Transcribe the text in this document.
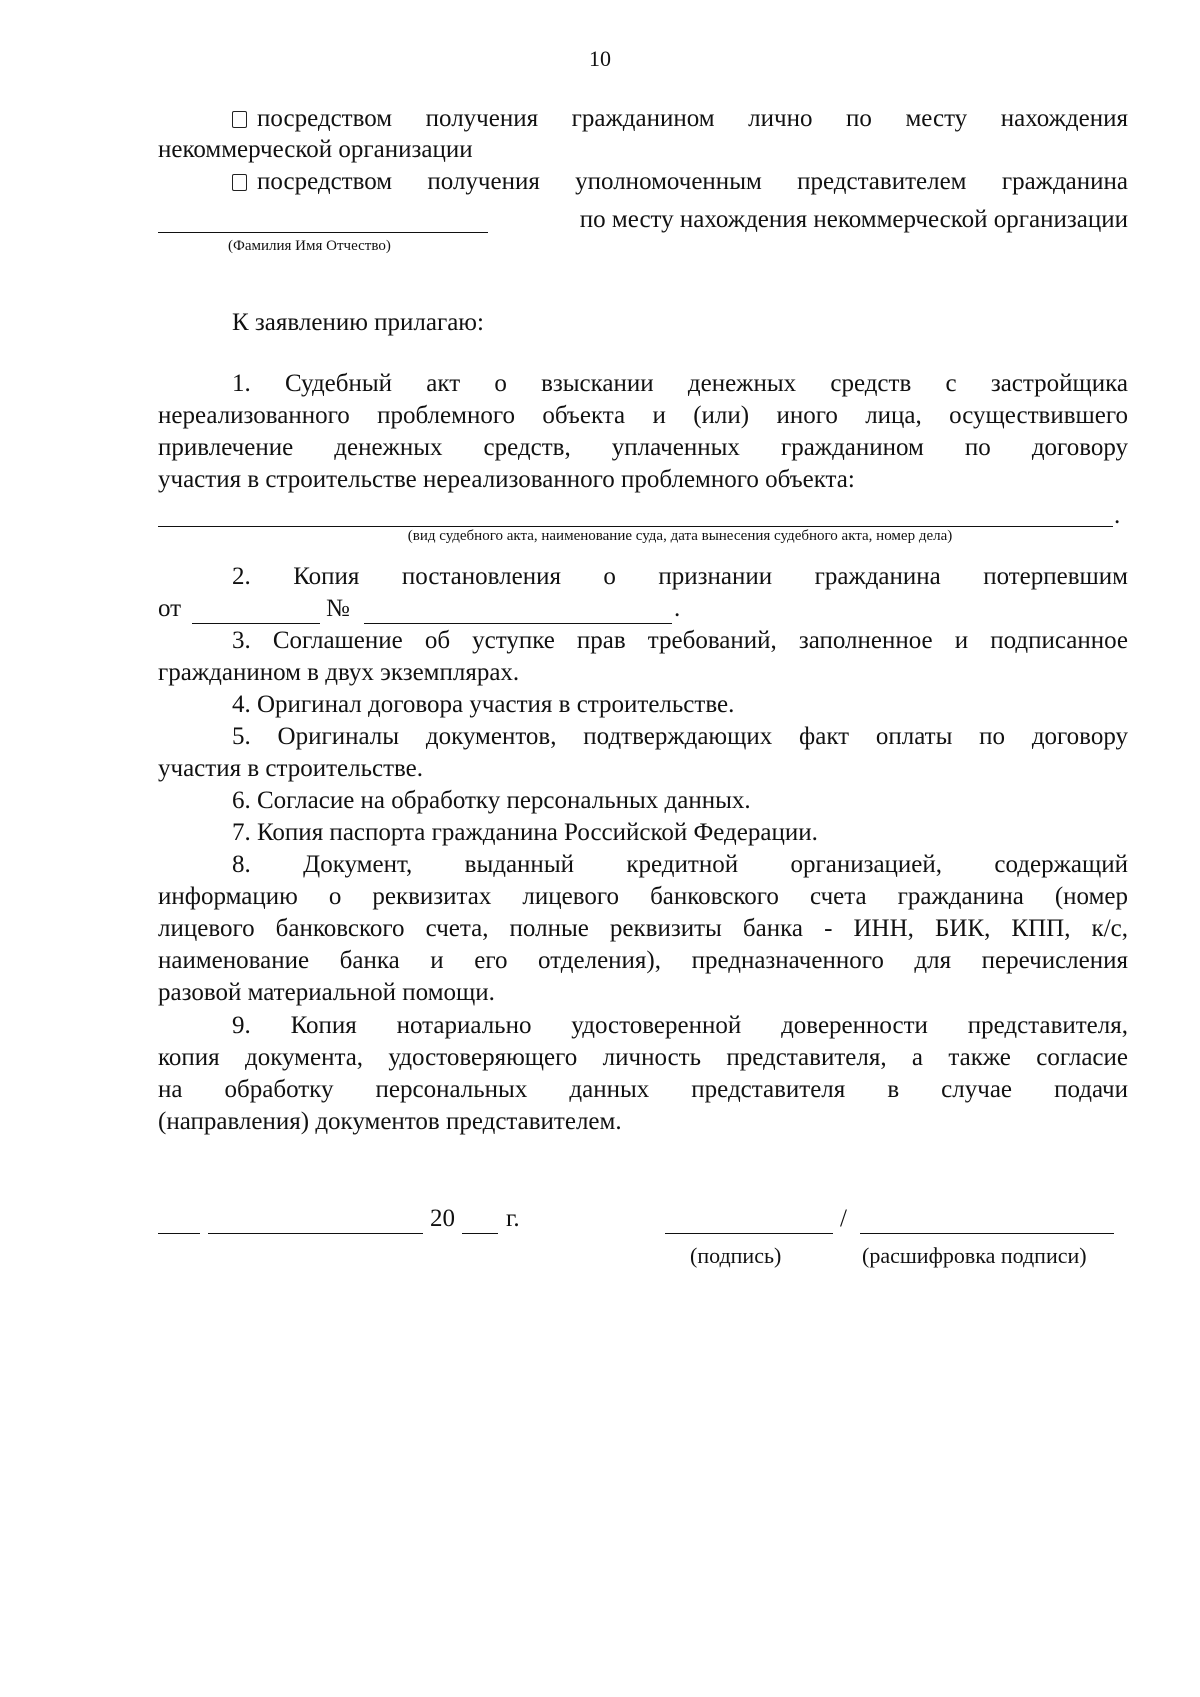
10
посредством получения гражданином лично по месту нахождения
некоммерческой организации
посредством получения уполномоченным представителем гражданина
по месту нахождения некоммерческой организации
(Фамилия Имя Отчество)
К заявлению прилагаю:
1. Судебный акт о взыскании денежных средств с застройщика
нереализованного проблемного объекта и (или) иного лица, осуществившего
привлечение денежных средств, уплаченных гражданином по договору
участия в строительстве нереализованного проблемного объекта:
.
(вид судебного акта, наименование суда, дата вынесения судебного акта, номер дела)
2. Копия постановления о признании гражданина потерпевшим
от	№	.
3. Соглашение об уступке прав требований, заполненное и подписанное
гражданином в двух экземплярах.
4. Оригинал договора участия в строительстве.
5. Оригиналы документов, подтверждающих факт оплаты по договору
участия в строительстве.
6. Согласие на обработку персональных данных.
7. Копия паспорта гражданина Российской Федерации.
8. Документ, выданный кредитной организацией, содержащий
информацию о реквизитах лицевого банковского счета гражданина (номер
лицевого банковского счета, полные реквизиты банка - ИНН, БИК, КПП, к/с,
наименование банка и его отделения), предназначенного для перечисления
разовой материальной помощи.
9. Копия нотариально удостоверенной доверенности представителя,
копия документа, удостоверяющего личность представителя, а также согласие
на обработку персональных данных представителя в случае подачи
(направления) документов представителем.
20 г.	/
(подпись)	(расшифровка подписи)
